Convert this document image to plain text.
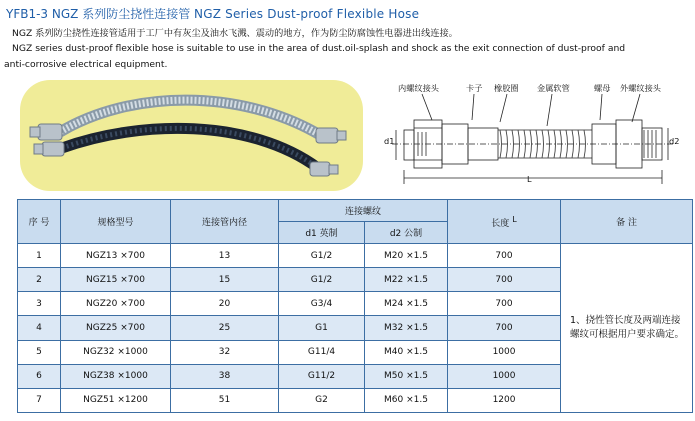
YFB1-3 NGZ 系列防尘挠性连接管 NGZ Series Dust-proof Flexible Hose
NGZ 系列防尘挠性连接管适用于工厂中有灰尘及油水飞溅、震动的地方，作为防尘防腐蚀性电器进出线连接。
NGZ series dust-proof flexible hose is suitable to use in the area of dust.oil-splash and shock as the exit connection of dust-proof and
anti-corrosive electrical equipment.
内螺纹接头	卡子 橡胶圈 金属软管	螺母 外螺纹接头
d1	d2
L
序 号	规格型号	连接管内径	连接螺纹		长度 L	备 注
			d1 英制	d2 公制		
1	NGZ13 ×700	13	G1/2	M20 ×1.5	700	1、挠性管长度及两端连接螺纹可根据用户要求确定。
2	NGZ15 ×700	15	G1/2	M22 ×1.5	700	
3	NGZ20 ×700	20	G3/4	M24 ×1.5	700	
4	NGZ25 ×700	25	G1	M32 ×1.5	700	
5	NGZ32 ×1000	32	G11/4	M40 ×1.5	1000	
6	NGZ38 ×1000	38	G11/2	M50 ×1.5	1000	
7	NGZ51 ×1200	51	G2	M60 ×1.5	1200	
